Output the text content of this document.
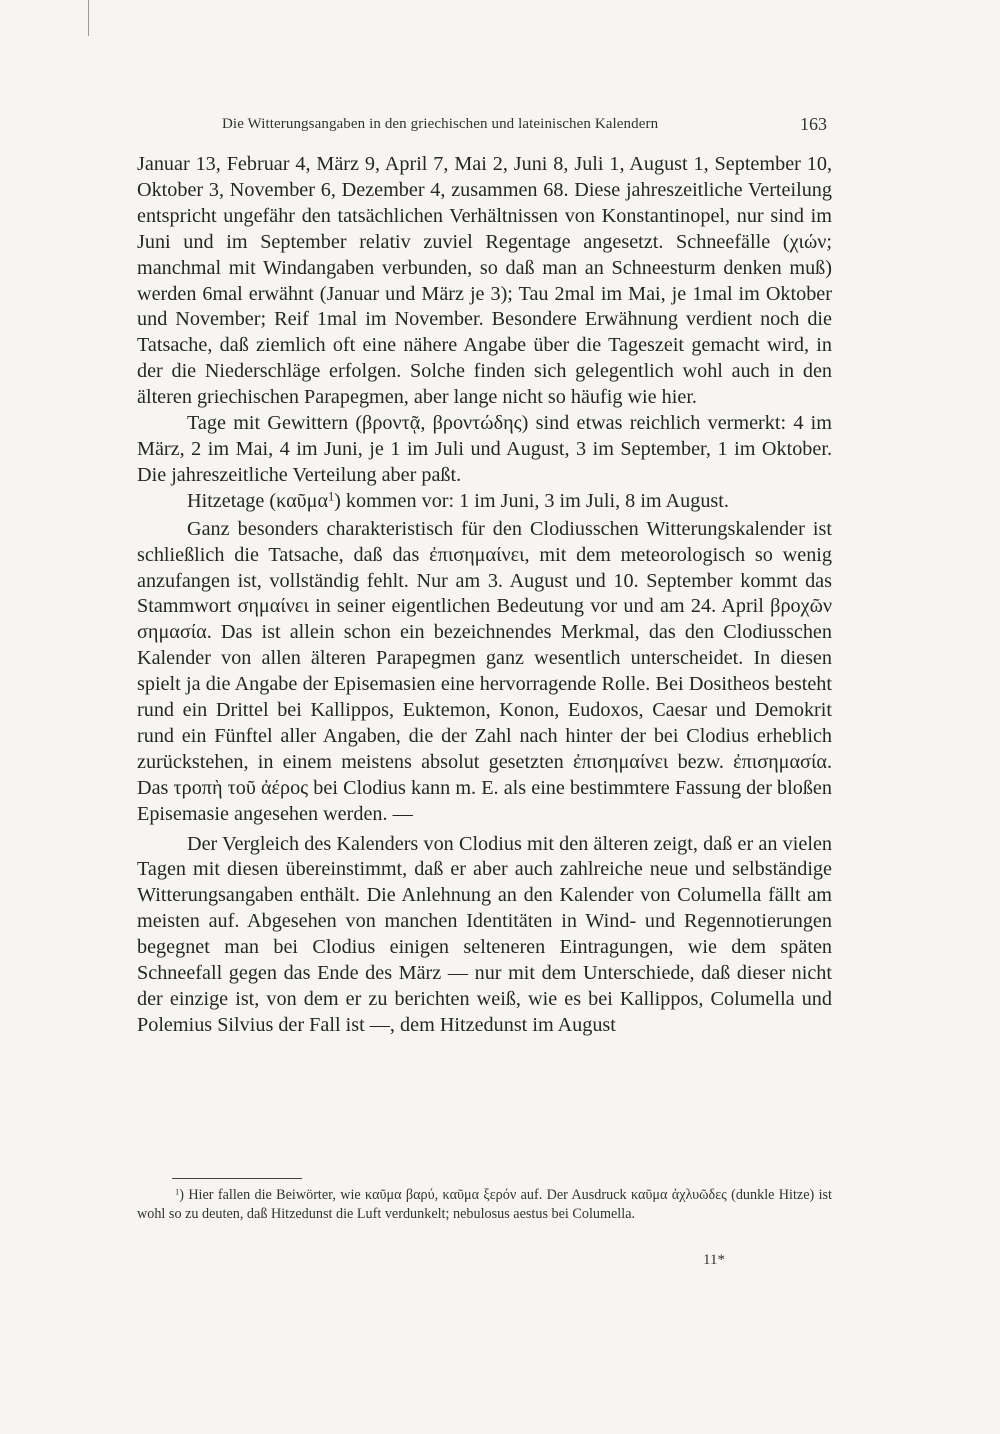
Die Witterungsangaben in den griechischen und lateinischen Kalendern	163

Januar 13, Februar 4, März 9, April 7, Mai 2, Juni 8, Juli 1, August 1, September 10, Oktober 3, November 6, Dezember 4, zusammen 68. Diese jahreszeitliche Verteilung entspricht ungefähr den tatsächlichen Verhältnissen von Konstantinopel, nur sind im Juni und im September relativ zuviel Regentage angesetzt. Schneefälle (χιών; manchmal mit Windangaben verbunden, so daß man an Schneesturm denken muß) werden 6mal erwähnt (Januar und März je 3); Tau 2mal im Mai, je 1mal im Oktober und November; Reif 1mal im November. Besondere Erwähnung verdient noch die Tatsache, daß ziemlich oft eine nähere Angabe über die Tageszeit gemacht wird, in der die Niederschläge erfolgen. Solche finden sich gelegentlich wohl auch in den älteren griechischen Parapegmen, aber lange nicht so häufig wie hier.

Tage mit Gewittern (βροντᾷ, βροντώδης) sind etwas reichlich vermerkt: 4 im März, 2 im Mai, 4 im Juni, je 1 im Juli und August, 3 im September, 1 im Oktober. Die jahreszeitliche Verteilung aber paßt.

Hitzetage (καῦμα$^1$) kommen vor: 1 im Juni, 3 im Juli, 8 im August.

Ganz besonders charakteristisch für den Clodiusschen Witterungskalender ist schließlich die Tatsache, daß das ἐπισημαίνει, mit dem meteorologisch so wenig anzufangen ist, vollständig fehlt. Nur am 3. August und 10. September kommt das Stammwort σημαίνει in seiner eigentlichen Bedeutung vor und am 24. April βροχῶν σημασία. Das ist allein schon ein bezeichnendes Merkmal, das den Clodiusschen Kalender von allen älteren Parapegmen ganz wesentlich unterscheidet. In diesen spielt ja die Angabe der Episemasien eine hervorragende Rolle. Bei Dositheos besteht rund ein Drittel bei Kallippos, Euktemon, Konon, Eudoxos, Caesar und Demokrit rund ein Fünftel aller Angaben, die der Zahl nach hinter der bei Clodius erheblich zurückstehen, in einem meistens absolut gesetzten ἐπισημαίνει bezw. ἐπισημασία. Das τροπὴ τοῦ ἀέρος bei Clodius kann m. E. als eine bestimmtere Fassung der bloßen Episemasie angesehen werden. —

Der Vergleich des Kalenders von Clodius mit den älteren zeigt, daß er an vielen Tagen mit diesen übereinstimmt, daß er aber auch zahlreiche neue und selbständige Witterungsangaben enthält. Die Anlehnung an den Kalender von Columella fällt am meisten auf. Abgesehen von manchen Identitäten in Wind- und Regennotierungen begegnet man bei Clodius einigen selteneren Eintragungen, wie dem späten Schneefall gegen das Ende des März — nur mit dem Unterschiede, daß dieser nicht der einzige ist, von dem er zu berichten weiß, wie es bei Kallippos, Columella und Polemius Silvius der Fall ist —, dem Hitzedunst im August

$^1$) Hier fallen die Beiwörter, wie καῦμα βαρύ, καῦμα ξερόν auf. Der Ausdruck καῦμα ἀχλυῶδες (dunkle Hitze) ist wohl so zu deuten, daß Hitzedunst die Luft verdunkelt; nebulosus aestus bei Columella.
11*
